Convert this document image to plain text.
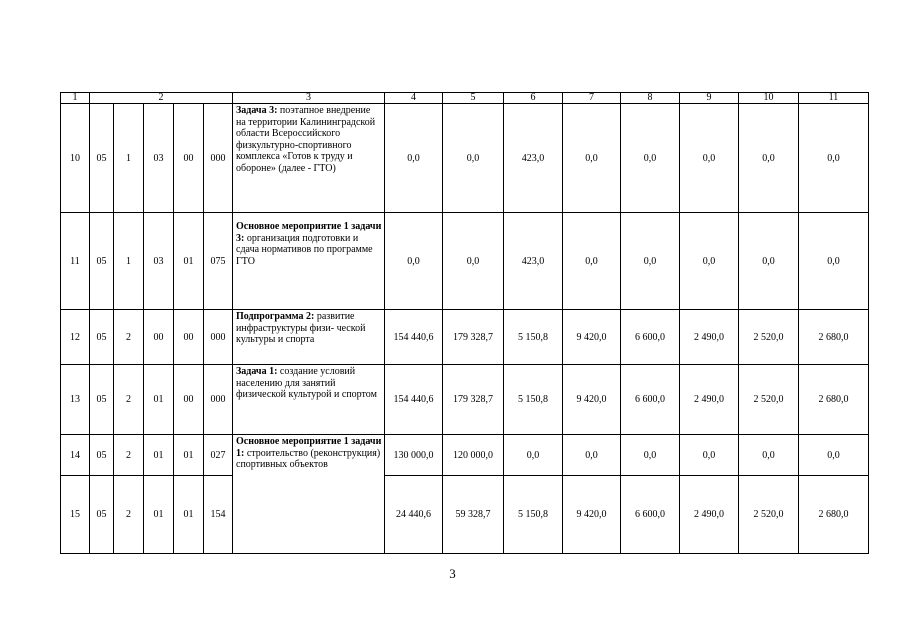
1	2					3	4	5	6	7	8	9	10	11
10	05	1	03	00	000	Задача 3: поэтапное внедрение на территории Калининградской области Всероссийского физкультурно-спортивного комплекса «Готов к труду и обороне» (далее - ГТО)	0,0	0,0	423,0	0,0	0,0	0,0	0,0	0,0
11	05	1	03	01	075	Основное мероприятие 1 задачи 3: организация подготовки и сдача нормативов по программе ГТО	0,0	0,0	423,0	0,0	0,0	0,0	0,0	0,0
12	05	2	00	00	000	Подпрограмма 2: развитие инфраструктуры физи- ческой культуры и спорта	154 440,6	179 328,7	5 150,8	9 420,0	6 600,0	2 490,0	2 520,0	2 680,0
13	05	2	01	00	000	Задача 1: создание условий населению для занятий физической культурой и спортом	154 440,6	179 328,7	5 150,8	9 420,0	6 600,0	2 490,0	2 520,0	2 680,0
14	05	2	01	01	027	Основное мероприятие 1 задачи 1: строительство (реконструкция) спортивных объектов	130 000,0	120 000,0	0,0	0,0	0,0	0,0	0,0	0,0
15	05	2	01	01	154		24 440,6	59 328,7	5 150,8	9 420,0	6 600,0	2 490,0	2 520,0	2 680,0
3
